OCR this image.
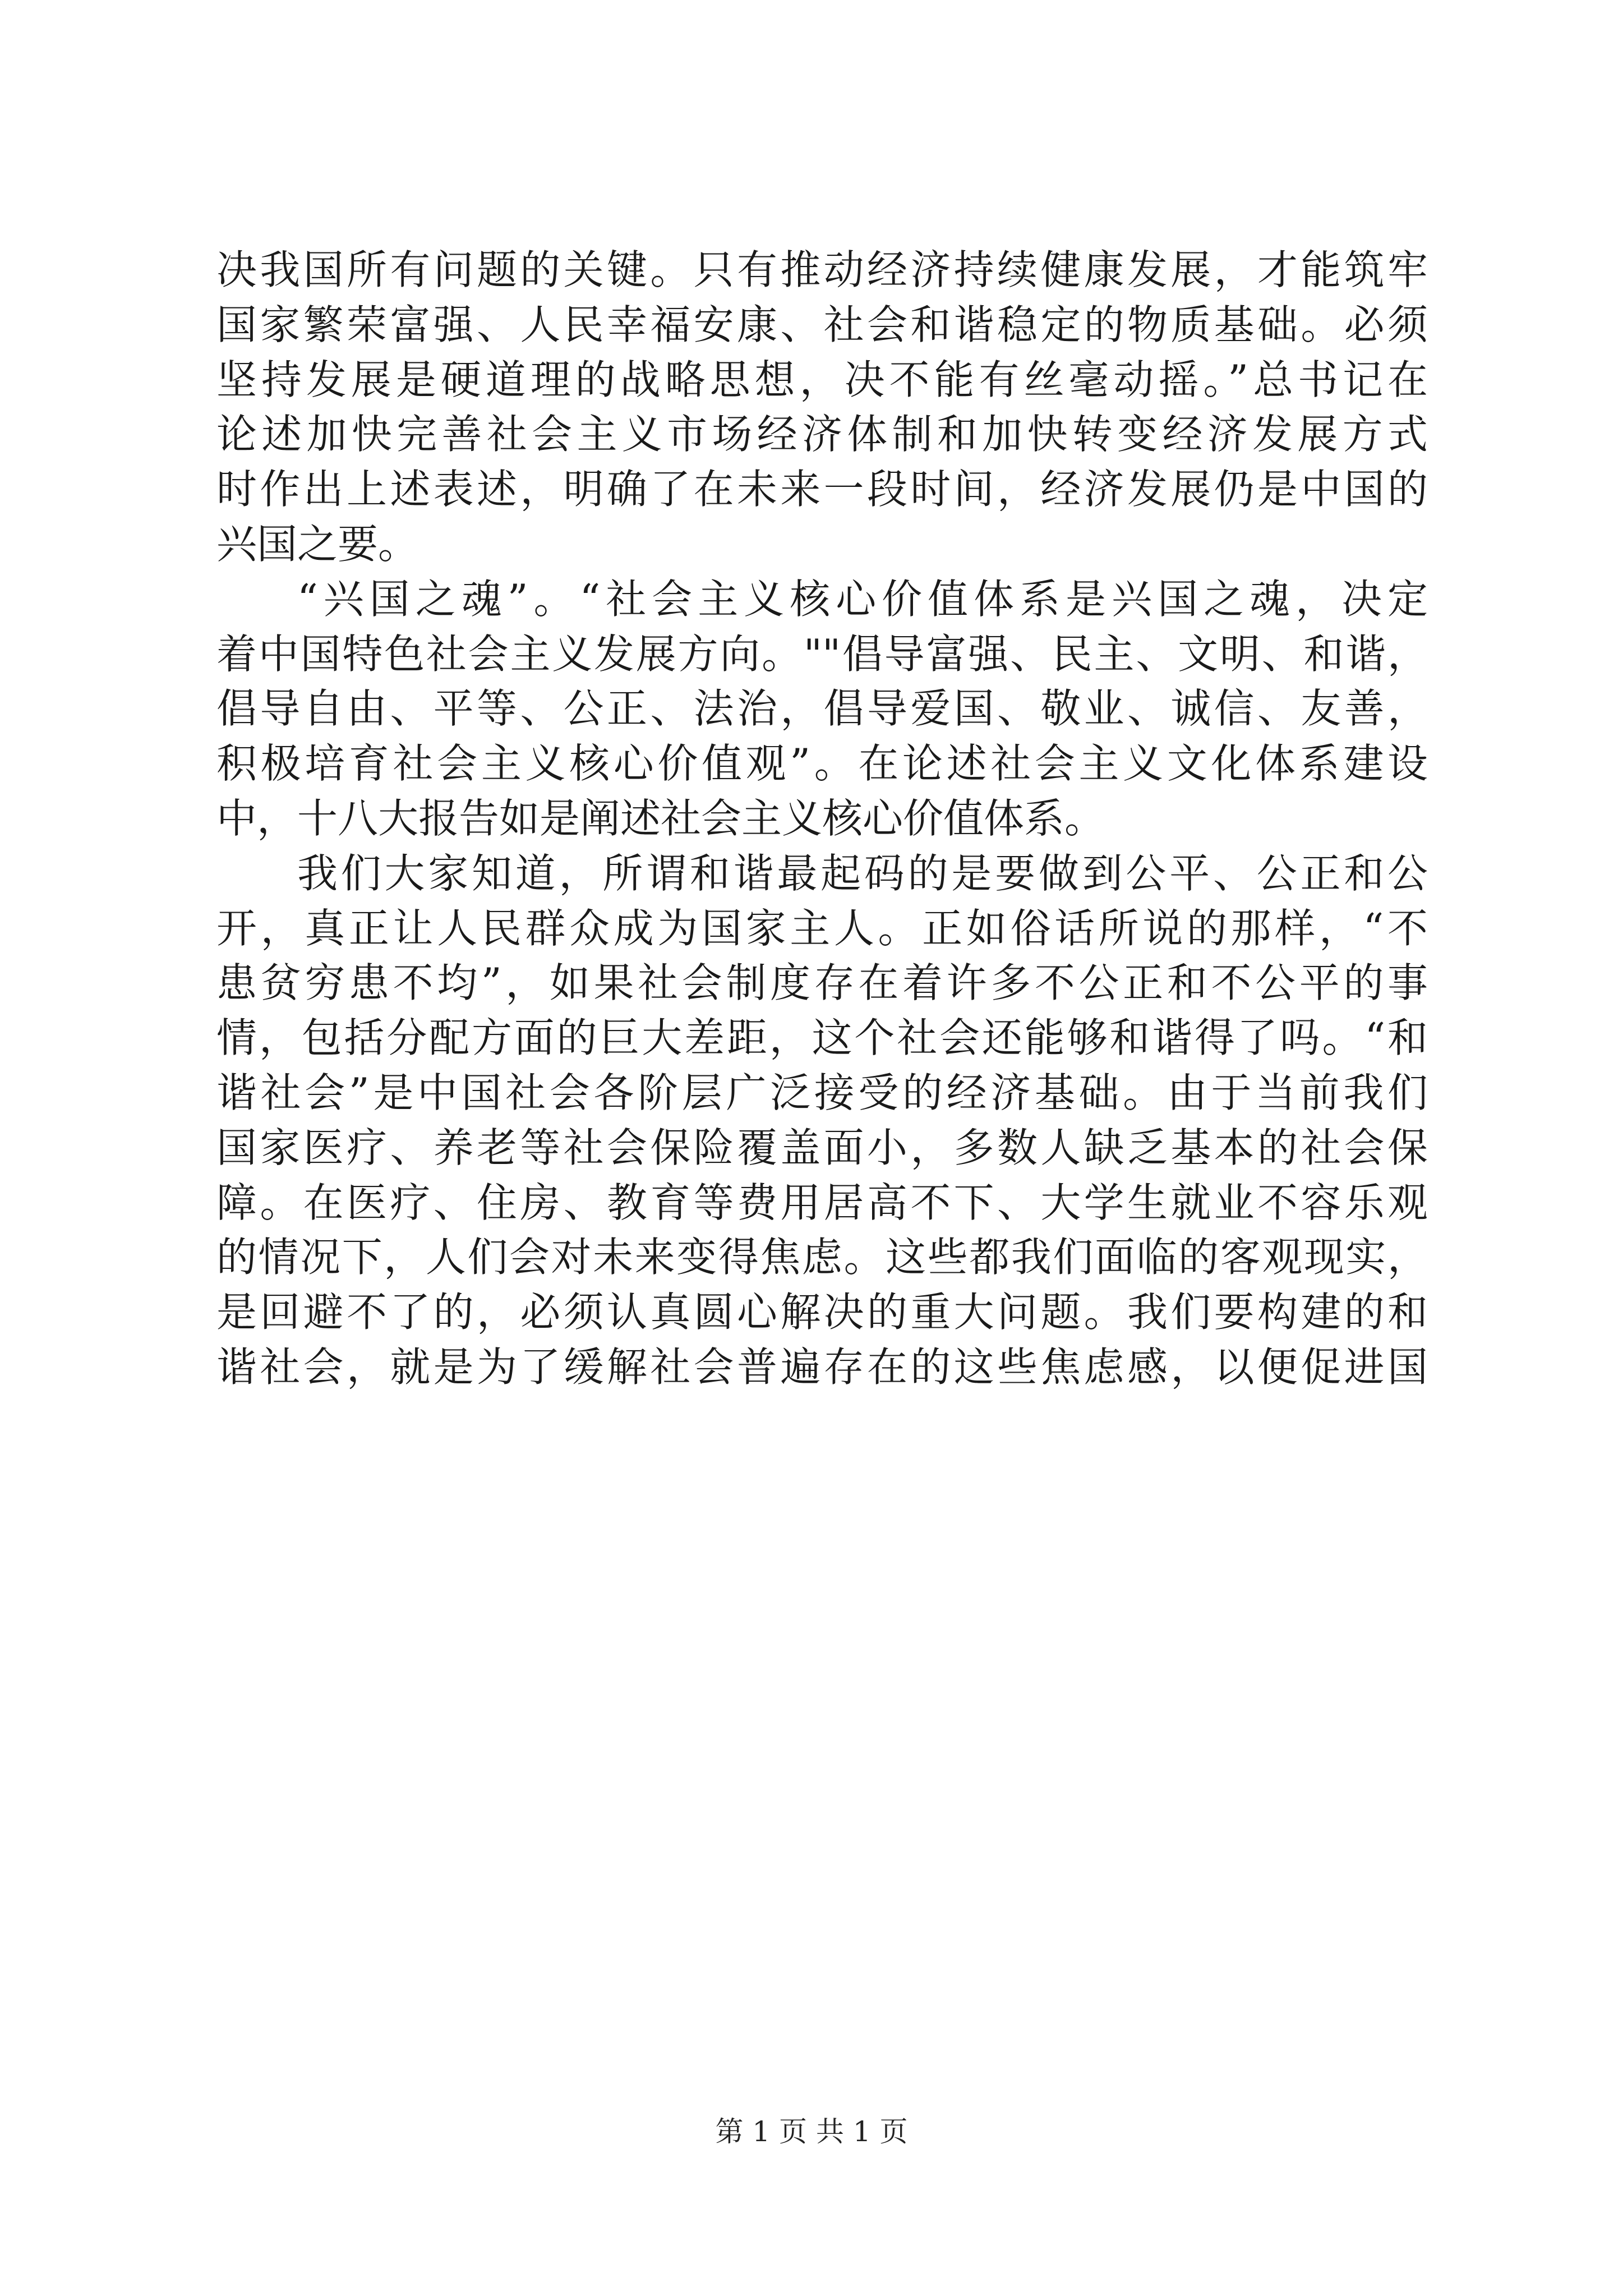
决我国所有问题的关键。只有推动经济持续健康发展，才能筑牢
国家繁荣富强、人民幸福安康、社会和谐稳定的物质基础。必须
坚持发展是硬道理的战略思想，决不能有丝毫动摇。”总书记在
论述加快完善社会主义市场经济体制和加快转变经济发展方式
时作出上述表述，明确了在未来一段时间，经济发展仍是中国的
兴国之要。
“兴国之魂”。“社会主义核心价值体系是兴国之魂，决定
着中国特色社会主义发展方向。""倡导富强、民主、文明、和谐，
倡导自由、平等、公正、法治，倡导爱国、敬业、诚信、友善，
积极培育社会主义核心价值观”。在论述社会主义文化体系建设
中，十八大报告如是阐述社会主义核心价值体系。
我们大家知道，所谓和谐最起码的是要做到公平、公正和公
开，真正让人民群众成为国家主人。正如俗话所说的那样，“不
患贫穷患不均”，如果社会制度存在着许多不公正和不公平的事
情，包括分配方面的巨大差距，这个社会还能够和谐得了吗。“和
谐社会”是中国社会各阶层广泛接受的经济基础。由于当前我们
国家医疗、养老等社会保险覆盖面小，多数人缺乏基本的社会保
障。在医疗、住房、教育等费用居高不下、大学生就业不容乐观
的情况下，人们会对未来变得焦虑。这些都我们面临的客观现实，
是回避不了的，必须认真圆心解决的重大问题。我们要构建的和
谐社会，就是为了缓解社会普遍存在的这些焦虑感，以便促进国
第 1 页 共 1 页
